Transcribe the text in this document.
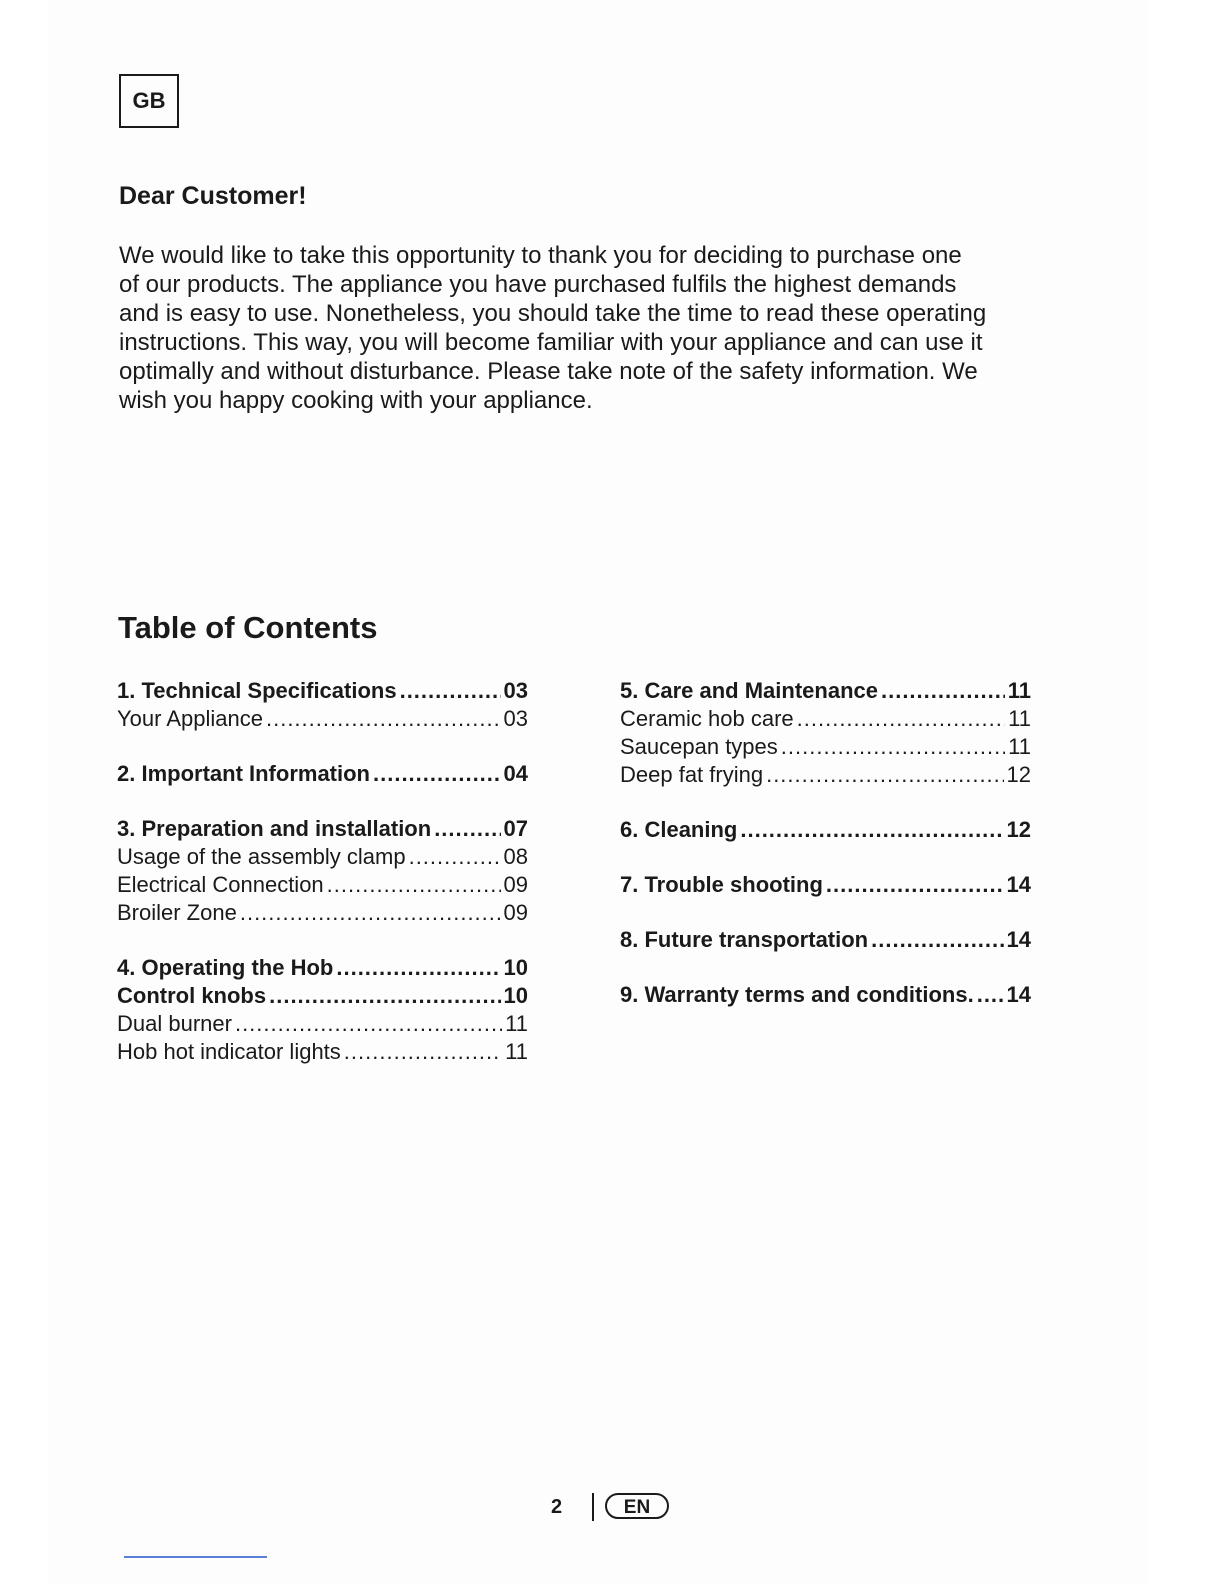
GB
Dear Customer!

We would like to take this opportunity to thank you for deciding to purchase one
of our products. The appliance you have purchased fulfils the highest demands
and is easy to use. Nonetheless, you should take the time to read these operating
instructions. This way, you will become familiar with your appliance and can use it
optimally and without disturbance. Please take note of the safety information. We
wish you happy cooking with your appliance.

Table of Contents
1. Technical Specifications .....	03
Your Appliance .....	03
2. Important Information .....	04
3. Preparation and installation .....	07
Usage of the assembly clamp .....	08
Electrical Connection .....	09
Broiler Zone .....	09
4. Operating the Hob .....	10
Control knobs .....	10
Dual burner .....	11
Hob hot indicator lights .....	11
5. Care and Maintenance .....	11
Ceramic hob care .....	11
Saucepan types .....	11
Deep fat frying .....	12
6. Cleaning .....	12
7. Trouble shooting .....	14
8. Future transportation .....	14
9. Warranty terms and conditions. ..... 14
2	EN
